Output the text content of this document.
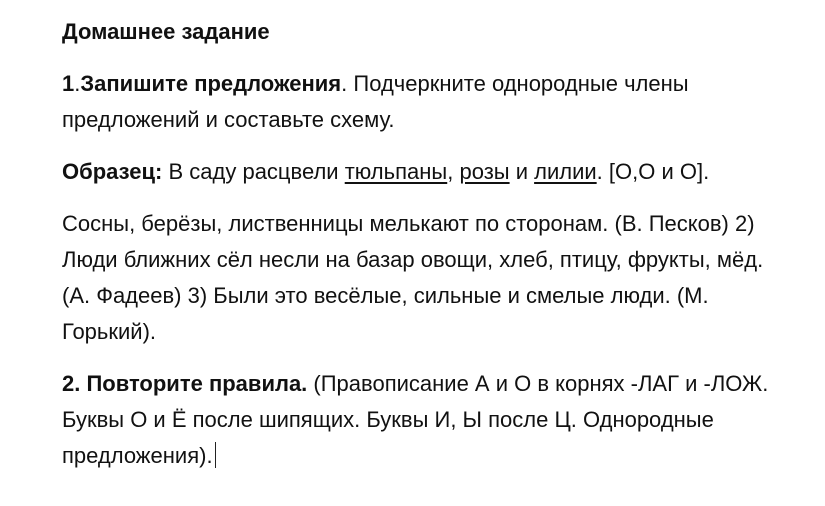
Домашнее задание
1.Запишите предложения. Подчеркните однородные члены предложений и составьте схему.
Образец: В саду расцвели тюльпаны, розы и лилии. [О,О и О].
Сосны, берёзы, лиственницы мелькают по сторонам. (В. Песков) 2) Люди ближних сёл несли на базар овощи, хлеб, птицу, фрукты, мёд. (А. Фадеев) 3) Были это весёлые, сильные и смелые люди. (М. Горький).
2. Повторите правила. (Правописание А и О в корнях -ЛАГ и -ЛОЖ. Буквы О и Ё после шипящих. Буквы И, Ы после Ц. Однородные предложения).
